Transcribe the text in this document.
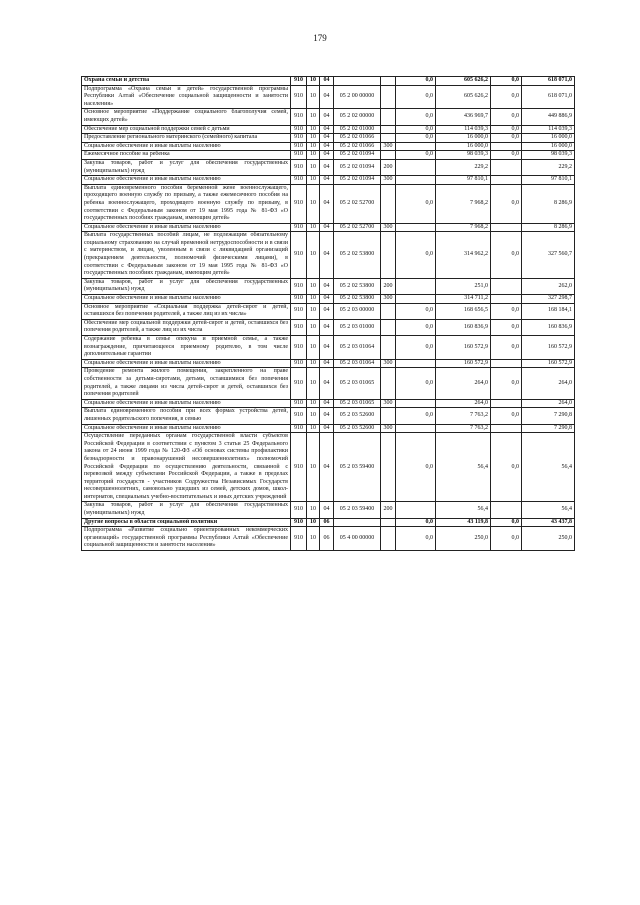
179
Охрана семьи и детства	910	10	04			0,0	605 626,2	0,0	618 071,0
Подпрограмма «Охрана семьи и детей» государственной программы Республики Алтай «Обеспечение социальной защищенности и занятости населения»	910	10	04	05 2 00 00000		0,0	605 626,2	0,0	618 071,0
Основное мероприятие «Поддержание социального благополучия семей, имеющих детей»	910	10	04	05 2 02 00000		0,0	436 969,7	0,0	449 886,9
Обеспечение мер социальной поддержки семей с детьми	910	10	04	05 2 02 01000		0,0	114 039,3	0,0	114 039,3
Предоставление регионального материнского (семейного) капитала	910	10	04	05 2 02 01066		0,0	16 000,0	0,0	16 000,0
Социальное обеспечение и иные выплаты населению	910	10	04	05 2 02 01066	300		16 000,0		16 000,0
Ежемесячное пособие на ребенка	910	10	04	05 2 02 01094		0,0	98 039,3	0,0	98 039,3
Закупка товаров, работ и услуг для обеспечения государственных (муниципальных) нужд	910	10	04	05 2 02 01094	200		229,2		229,2
Социальное обеспечение и иные выплаты населению	910	10	04	05 2 02 01094	300		97 810,1		97 810,1
Выплата единовременного пособия беременной жене военнослужащего, проходящего военную службу по призыву, а также ежемесячного пособия на ребенка военнослужащего, проходящего военную службу по призыву, в соответствии с Федеральным законом от 19 мая 1995 года № 81-ФЗ «О государственных пособиях гражданам, имеющим детей»	910	10	04	05 2 02 52700		0,0	7 968,2	0,0	8 286,9
Социальное обеспечение и иные выплаты населению	910	10	04	05 2 02 52700	300		7 968,2		8 286,9
Выплата государственных пособий лицам, не подлежащим обязательному социальному страхованию на случай временной нетрудоспособности и в связи с материнством, и лицам, уволенным в связи с ликвидацией организаций (прекращением деятельности, полномочий физическими лицами), в соответствии с Федеральным законом от 19 мая 1995 года № 81-ФЗ «О государственных пособиях гражданам, имеющим детей»	910	10	04	05 2 02 53800		0,0	314 962,2	0,0	327 560,7
Закупка товаров, работ и услуг для обеспечения государственных (муниципальных) нужд	910	10	04	05 2 02 53800	200		251,0		262,0
Социальное обеспечение и иные выплаты населению	910	10	04	05 2 02 53800	300		314 711,2		327 298,7
Основное мероприятие «Социальная поддержка детей-сирот и детей, оставшихся без попечения родителей, а также лиц из их числа»	910	10	04	05 2 03 00000		0,0	168 656,5	0,0	168 184,1
Обеспечение мер социальной поддержки детей-сирот и детей, оставшихся без попечения родителей, а также лиц из их числа	910	10	04	05 2 03 01000		0,0	160 836,9	0,0	160 836,9
Содержание ребенка в семье опекуна и приемной семье, а также вознаграждение, причитающееся приемному родителю, в том числе дополнительные гарантии	910	10	04	05 2 03 01064		0,0	160 572,9	0,0	160 572,9
Социальное обеспечение и иные выплаты населению	910	10	04	05 2 03 01064	300		160 572,9		160 572,9
Проведение ремонта жилого помещения, закрепленного на праве собственности за детьми-сиротами, детьми, оставшимися без попечения родителей, а также лицами из числа детей-сирот и детей, оставшихся без попечения родителей	910	10	04	05 2 03 01065		0,0	264,0	0,0	264,0
Социальное обеспечение и иные выплаты населению	910	10	04	05 2 03 01065	300		264,0		264,0
Выплата единовременного пособия при всех формах устройства детей, лишенных родительского попечения, в семью	910	10	04	05 2 03 52600		0,0	7 763,2	0,0	7 290,8
Социальное обеспечение и иные выплаты населению	910	10	04	05 2 03 52600	300		7 763,2		7 290,8
Осуществление переданных органам государственной власти субъектов Российской Федерации в соответствии с пунктом 3 статьи 25 Федерального закона от 24 июня 1999 года № 120-ФЗ «Об основах системы профилактики безнадзорности и правонарушений несовершеннолетних» полномочий Российской Федерации по осуществлению деятельности, связанной с перевозкой между субъектами Российской Федерации, а также в пределах территорий государств - участников Содружества Независимых Государств несовершеннолетних, самовольно ушедших из семей, детских домов, школ-интернатов, специальных учебно-воспитательных и иных детских учреждений	910	10	04	05 2 03 59400		0,0	56,4	0,0	56,4
Закупка товаров, работ и услуг для обеспечения государственных (муниципальных) нужд	910	10	04	05 2 03 59400	200		56,4		56,4
Другие вопросы в области социальной политики	910	10	06			0,0	43 119,8	0,0	43 437,8
Подпрограмма «Развитие социально ориентированных некоммерческих организаций» государственной программы Республики Алтай «Обеспечение социальной защищенности и занятости населения»	910	10	06	05 4 00 00000		0,0	250,0	0,0	250,0
